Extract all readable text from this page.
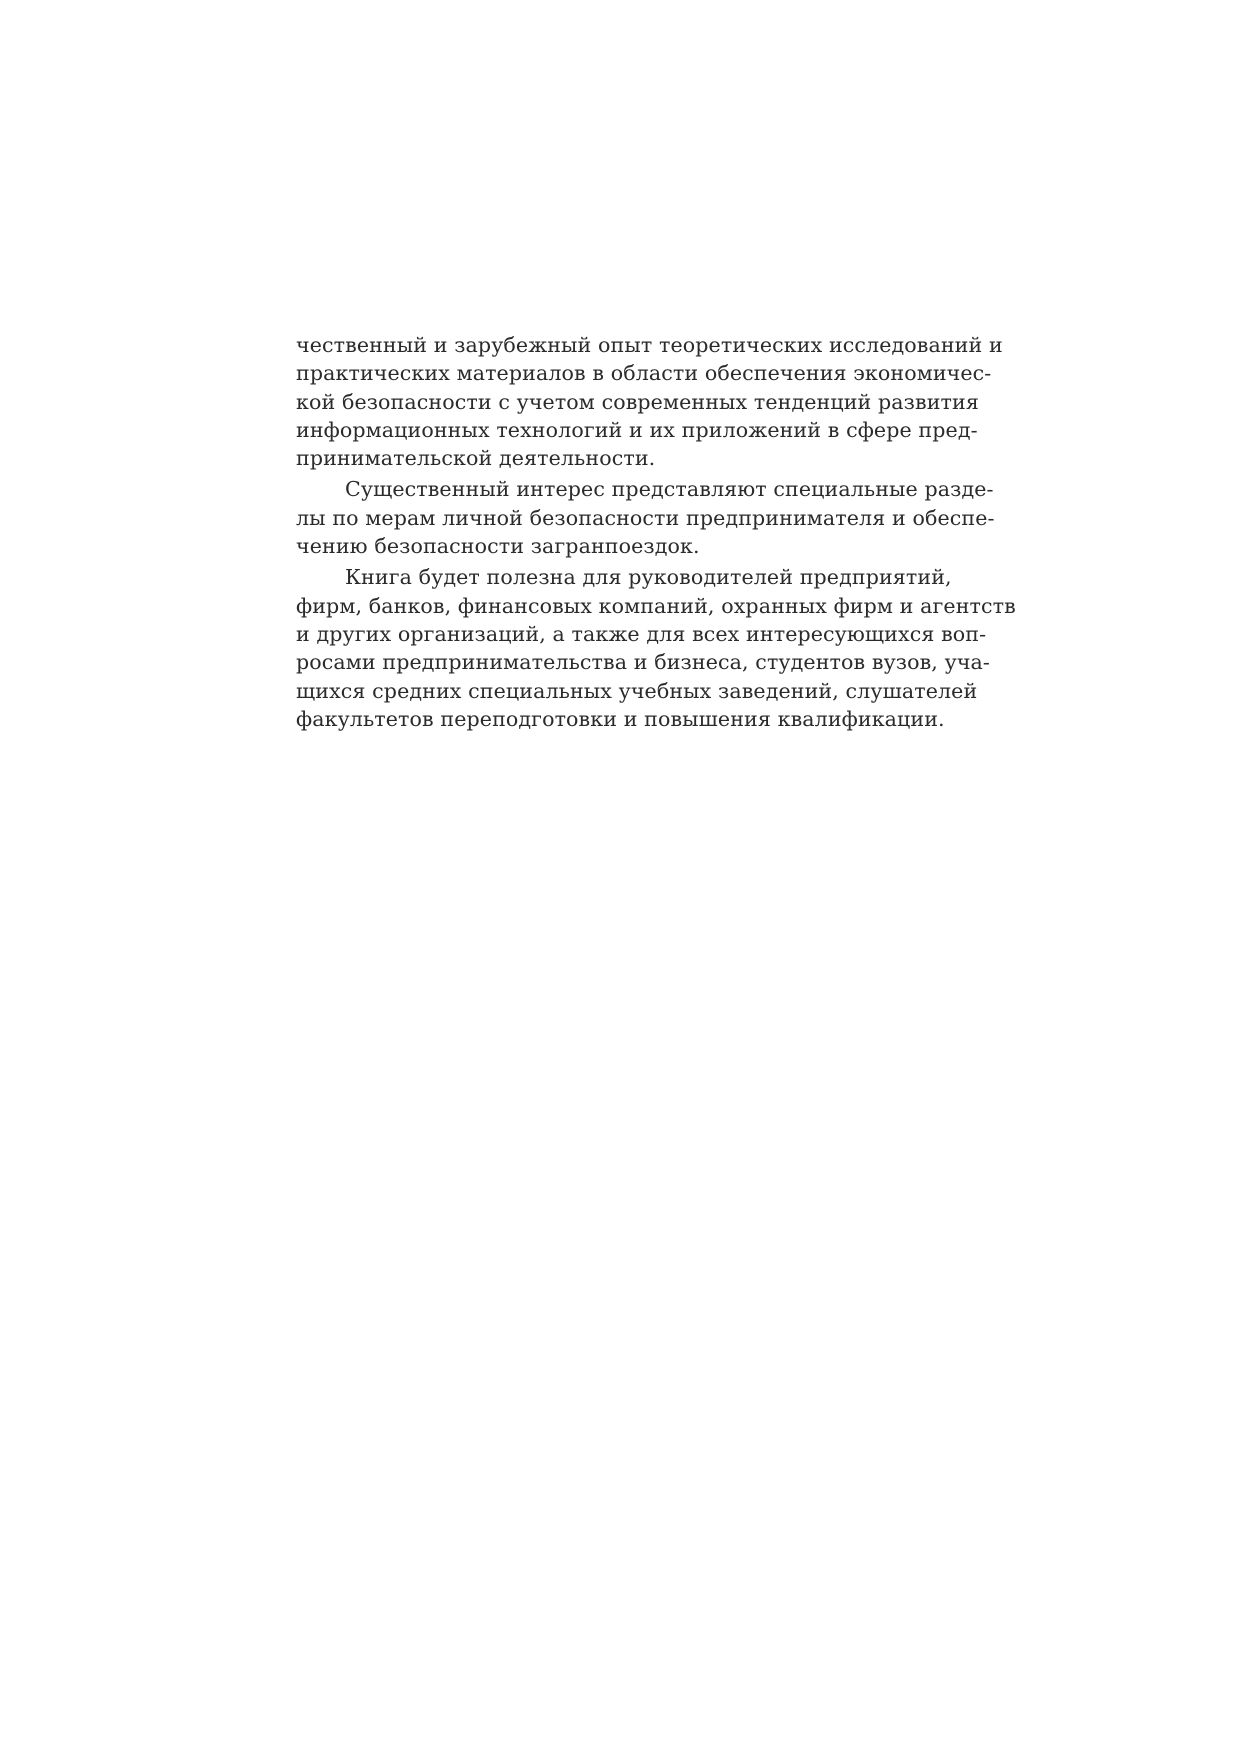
чественный и зарубежный опыт теоретических исследований и
практических материалов в области обеспечения экономичес-
кой безопасности с учетом современных тенденций развития
информационных технологий и их приложений в сфере пред-
принимательской деятельности.
Существенный интерес представляют специальные разде-
лы по мерам личной безопасности предпринимателя и обеспе-
чению безопасности загранпоездок.
Книга будет полезна для руководителей предприятий,
фирм, банков, финансовых компаний, охранных фирм и агентств
и других организаций, а также для всех интересующихся воп-
росами предпринимательства и бизнеса, студентов вузов, уча-
щихся средних специальных учебных заведений, слушателей
факультетов переподготовки и повышения квалификации.
